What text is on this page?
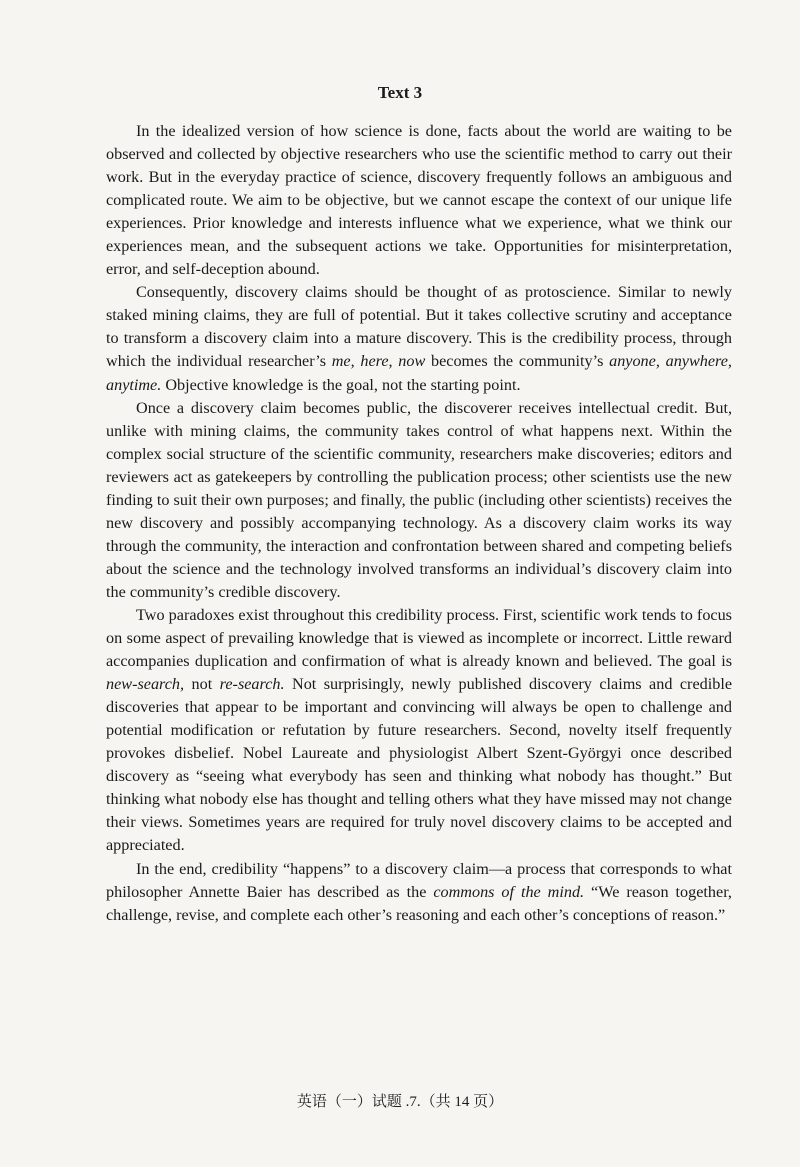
Text 3

In the idealized version of how science is done, facts about the world are waiting to be observed and collected by objective researchers who use the scientific method to carry out their work. But in the everyday practice of science, discovery frequently follows an ambiguous and complicated route. We aim to be objective, but we cannot escape the context of our unique life experiences. Prior knowledge and interests influence what we experience, what we think our experiences mean, and the subsequent actions we take. Opportunities for misinterpretation, error, and self-deception abound.

Consequently, discovery claims should be thought of as protoscience. Similar to newly staked mining claims, they are full of potential. But it takes collective scrutiny and acceptance to transform a discovery claim into a mature discovery. This is the credibility process, through which the individual researcher’s me, here, now becomes the community’s anyone, anywhere, anytime. Objective knowledge is the goal, not the starting point.

Once a discovery claim becomes public, the discoverer receives intellectual credit. But, unlike with mining claims, the community takes control of what happens next. Within the complex social structure of the scientific community, researchers make discoveries; editors and reviewers act as gatekeepers by controlling the publication process; other scientists use the new finding to suit their own purposes; and finally, the public (including other scientists) receives the new discovery and possibly accompanying technology. As a discovery claim works its way through the community, the interaction and confrontation between shared and competing beliefs about the science and the technology involved transforms an individual’s discovery claim into the community’s credible discovery.

Two paradoxes exist throughout this credibility process. First, scientific work tends to focus on some aspect of prevailing knowledge that is viewed as incomplete or incorrect. Little reward accompanies duplication and confirmation of what is already known and believed. The goal is new-search, not re-search. Not surprisingly, newly published discovery claims and credible discoveries that appear to be important and convincing will always be open to challenge and potential modification or refutation by future researchers. Second, novelty itself frequently provokes disbelief. Nobel Laureate and physiologist Albert Szent-Györgyi once described discovery as “seeing what everybody has seen and thinking what nobody has thought.” But thinking what nobody else has thought and telling others what they have missed may not change their views. Sometimes years are required for truly novel discovery claims to be accepted and appreciated.

In the end, credibility “happens” to a discovery claim—a process that corresponds to what philosopher Annette Baier has described as the commons of the mind. “We reason together, challenge, revise, and complete each other’s reasoning and each other’s conceptions of reason.”

英语（一）试题 .7.（共 14 页）
